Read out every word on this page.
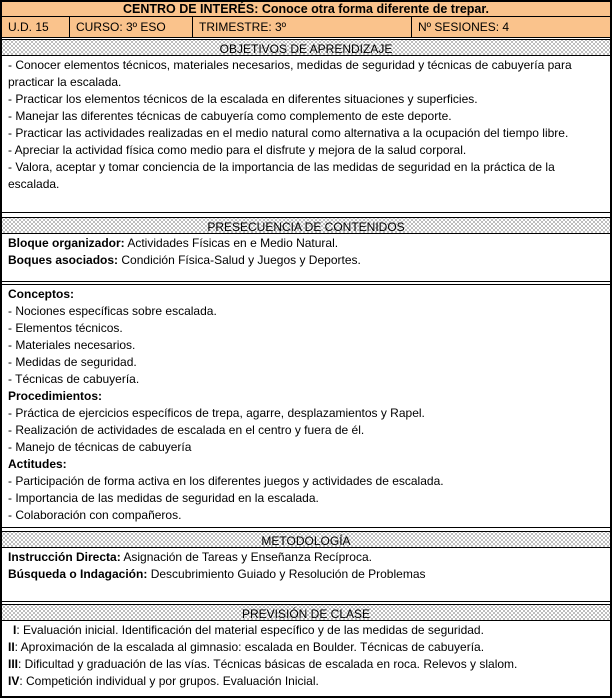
CENTRO DE INTERÉS: Conoce otra forma diferente de trepar.
U.D. 15	CURSO: 3º ESO	TRIMESTRE: 3º	Nº SESIONES: 4
OBJETIVOS DE APRENDIZAJE

- Conocer elementos técnicos, materiales necesarios, medidas de seguridad y técnicas de cabuyería para practicar la escalada.

- Practicar los elementos técnicos de la escalada en diferentes situaciones y superficies.

- Manejar las diferentes técnicas de cabuyería como complemento de este deporte.

- Practicar las actividades realizadas en el medio natural como alternativa a la ocupación del tiempo libre.

- Apreciar la actividad física como medio para el disfrute y mejora de la salud corporal.

- Valora, aceptar y tomar conciencia de la importancia de las medidas de seguridad en la práctica de la escalada.

PRESECUENCIA DE CONTENIDOS

Bloque organizador: Actividades Físicas en e Medio Natural.

Boques asociados: Condición Física-Salud y Juegos y Deportes.

Conceptos:

- Nociones específicas sobre escalada.

- Elementos técnicos.

- Materiales necesarios.

- Medidas de seguridad.

- Técnicas de cabuyería.

Procedimientos:

- Práctica de ejercicios específicos de trepa, agarre, desplazamientos y Rapel.

- Realización de actividades de escalada en el centro y fuera de él.

- Manejo de técnicas de cabuyería

Actitudes:

- Participación de forma activa en los diferentes juegos y actividades de escalada.

- Importancia de las medidas de seguridad en la escalada.

- Colaboración con compañeros.

METODOLOGÍA

Instrucción Directa: Asignación de Tareas y Enseñanza Recíproca.

Búsqueda o Indagación: Descubrimiento Guiado y Resolución de Problemas

PREVISIÓN DE CLASE

I: Evaluación inicial. Identificación del material específico y de las medidas de seguridad.

II: Aproximación de la escalada al gimnasio: escalada en Boulder. Técnicas de cabuyería.

III: Dificultad y graduación de las vías. Técnicas básicas de escalada en roca. Relevos y slalom.

IV: Competición individual y por grupos. Evaluación Inicial.
